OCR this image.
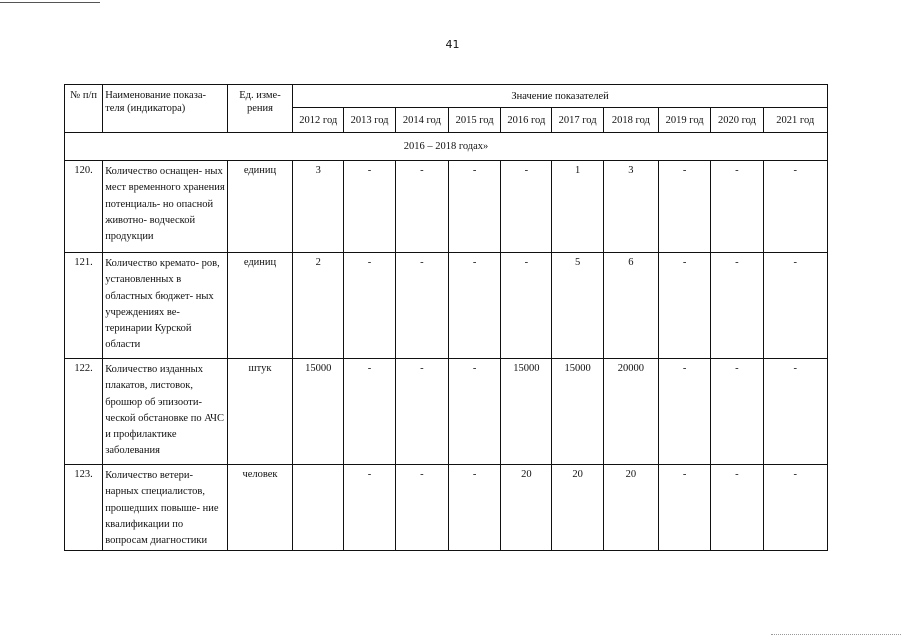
41
№ п/п	Наименование показа- теля (индикатора)	Ед. изме- рения	Значение показателей									
			2012 год	2013 год	2014 год	2015 год	2016 год	2017 год	2018 год	2019 год	2020 год	2021 год
2016 – 2018 годах»												
120.	Количество оснащен- ных мест временного хранения потенциаль- но опасной животно- водческой продукции	единиц	3	-	-	-	-	1	3	-	-	-
121.	Количество кремато- ров, установленных в областных бюджет- ных учреждениях ве- теринарии Курской области	единиц	2	-	-	-	-	5	6	-	-	-
122.	Количество изданных плакатов, листовок, брошюр об эпизооти- ческой обстановке по АЧС и профилактике заболевания	штук	15000	-	-	-	15000	15000	20000	-	-	-
123.	Количество ветери- нарных специалистов, прошедших повыше- ние квалификации по вопросам диагностики	человек		-	-	-	20	20	20	-	-	-
